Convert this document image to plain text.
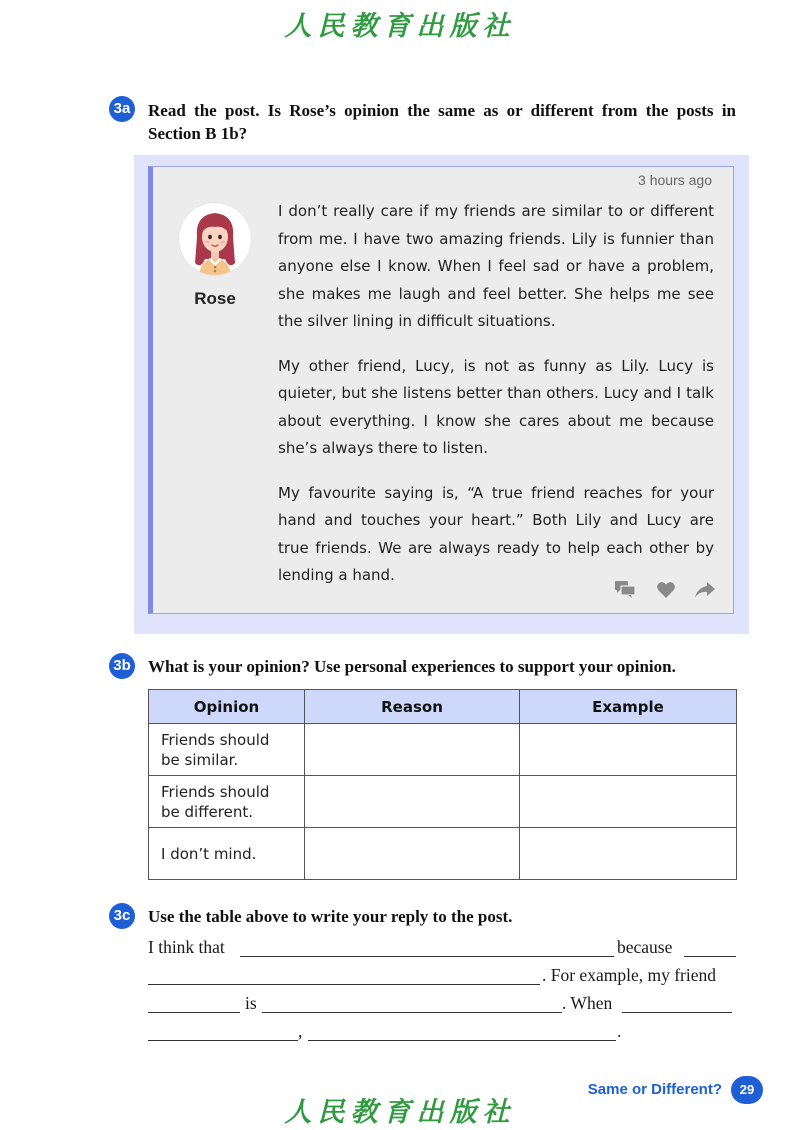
人民教育出版社
3a Read the post. Is Rose’s opinion the same as or different from the posts in Section B 1b?
3 hours ago
Rose

I don’t really care if my friends are similar to or different from me. I have two amazing friends. Lily is funnier than anyone else I know. When I feel sad or have a problem, she makes me laugh and feel better. She helps me see the silver lining in difficult situations.

My other friend, Lucy, is not as funny as Lily. Lucy is quieter, but she listens better than others. Lucy and I talk about everything. I know she cares about me because she’s always there to listen.

My favourite saying is, “A true friend reaches for your hand and touches your heart.” Both Lily and Lucy are true friends. We are always ready to help each other by lending a hand.

3b What is your opinion? Use personal experiences to support your opinion.
Opinion	Reason	Example
Friends should be similar.		
Friends should be different.		
I don’t mind.		
3c Use the table above to write your reply to the post.
I think that	because
. For example, my friend
is	. When
,	.
Same or Different?	29
人民教育出版社
